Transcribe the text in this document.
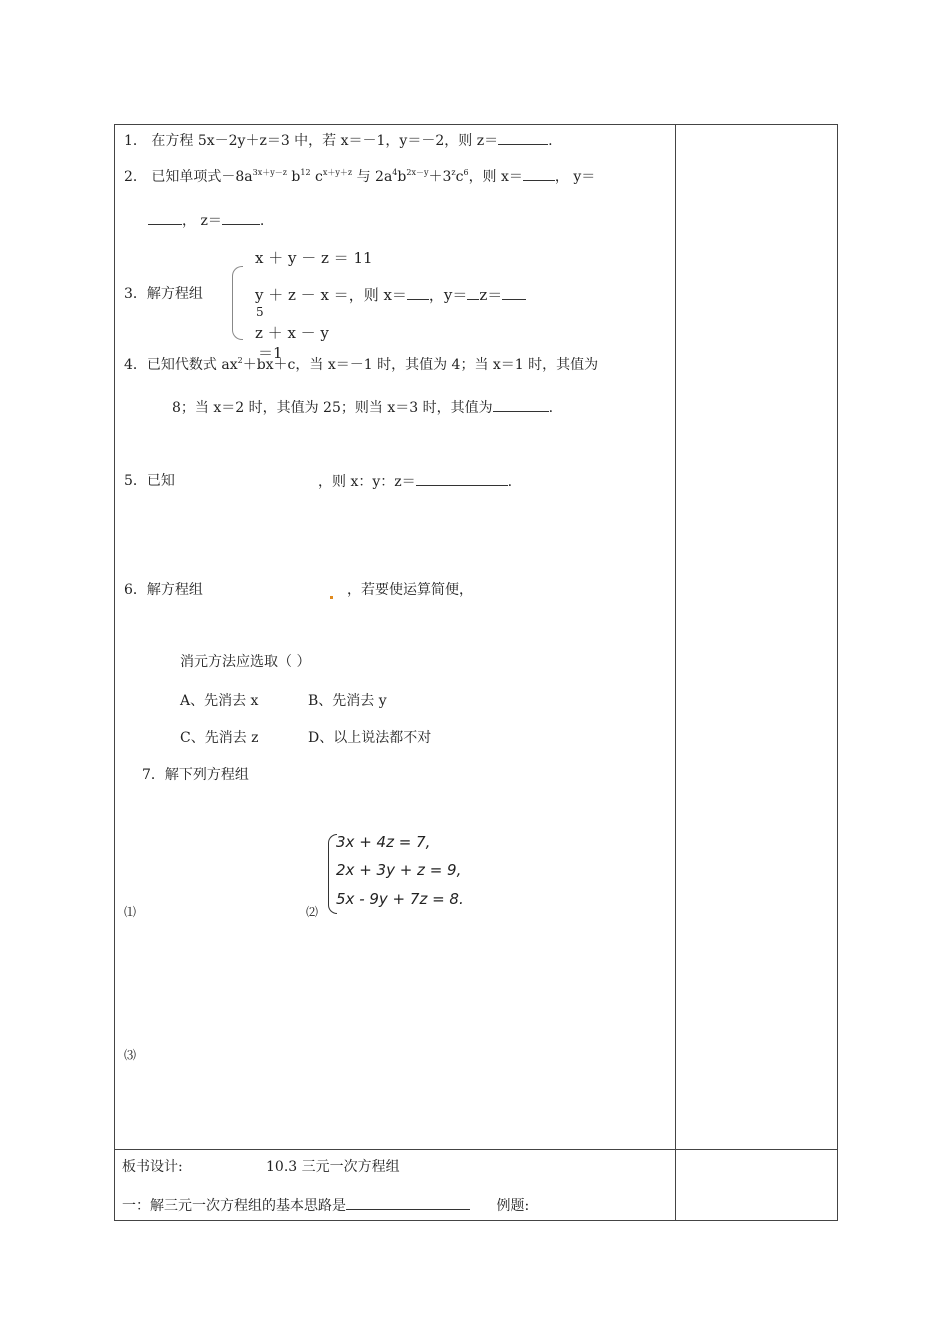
1． 在方程 5x－2y＋z＝3 中，若 x＝－1，y＝－2，则 z＝	.
2． 已知单项式$-8a^{3x+y-z}$ $b^{12}$ $c^{x+y+z}$ 与 $2a^4b^{2x-y}+3^zc^6$，则 x＝ ， y＝
， z＝	.
3．解方程组
x ＋ y － z ＝ 11
y ＋ z － x ＝，则 x＝ ，y＝ z＝
5
z ＋ x － y
＝1
4．已知代数式 $ax^2+bx+c$，当 x＝－1 时，其值为 4；当 x＝1 时，其值为
8；当 x＝2 时，其值为 25；则当 x＝3 时，其值为	.
5．已知	，则 x：y：z＝	.
6．解方程组	，若要使运算简便，
消元方法应选取（ ）
A、先消去 x	B、先消去 y
C、先消去 z	D、以上说法都不对
7．解下列方程组
⑴	⑵
3x + 4z = 7,
2x + 3y + z = 9,
5x - 9y + 7z = 8.
⑶
板书设计:	10.3 三元一次方程组
一：解三元一次方程组的基本思路是	例题:
